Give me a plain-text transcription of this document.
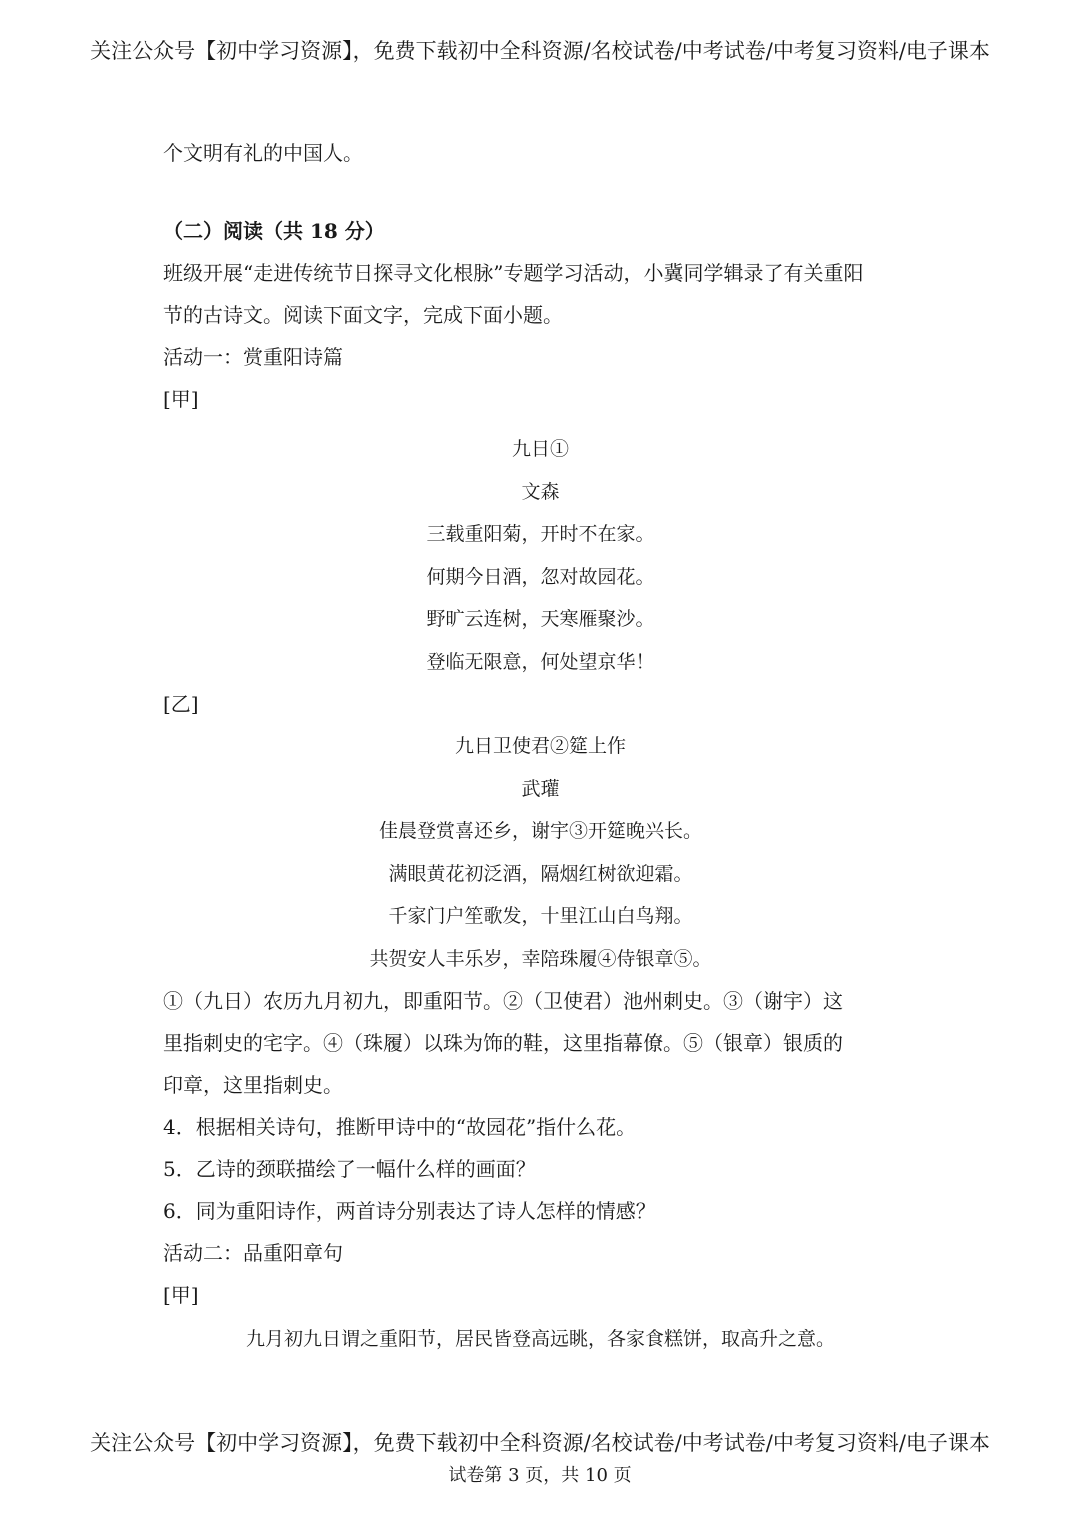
关注公众号【初中学习资源】，免费下载初中全科资源/名校试卷/中考试卷/中考复习资料/电子课本
个文明有礼的中国人。
（二）阅读（共 18 分）
班级开展“走进传统节日探寻文化根脉”专题学习活动，小冀同学辑录了有关重阳
节的古诗文。阅读下面文字，完成下面小题。
活动一：赏重阳诗篇
[甲]
九日①
文森
三载重阳菊，开时不在家。
何期今日酒，忽对故园花。
野旷云连树，天寒雁聚沙。
登临无限意，何处望京华！
[乙]
九日卫使君②筵上作
武瓘
佳晨登赏喜还乡，谢宇③开筵晚兴长。
满眼黄花初泛酒，隔烟红树欲迎霜。
千家门户笙歌发，十里江山白鸟翔。
共贺安人丰乐岁，幸陪珠履④侍银章⑤。
①（九日）农历九月初九，即重阳节。②（卫使君）池州刺史。③（谢宇）这
里指刺史的宅字。④（珠履）以珠为饰的鞋，这里指幕僚。⑤（银章）银质的
印章，这里指刺史。
4．根据相关诗句，推断甲诗中的“故园花”指什么花。
5．乙诗的颈联描绘了一幅什么样的画面？
6．同为重阳诗作，两首诗分别表达了诗人怎样的情感？
活动二：品重阳章句
[甲]
九月初九日谓之重阳节，居民皆登高远眺，各家食糕饼，取高升之意。
关注公众号【初中学习资源】，免费下载初中全科资源/名校试卷/中考试卷/中考复习资料/电子课本
试卷第 3 页，共 10 页
